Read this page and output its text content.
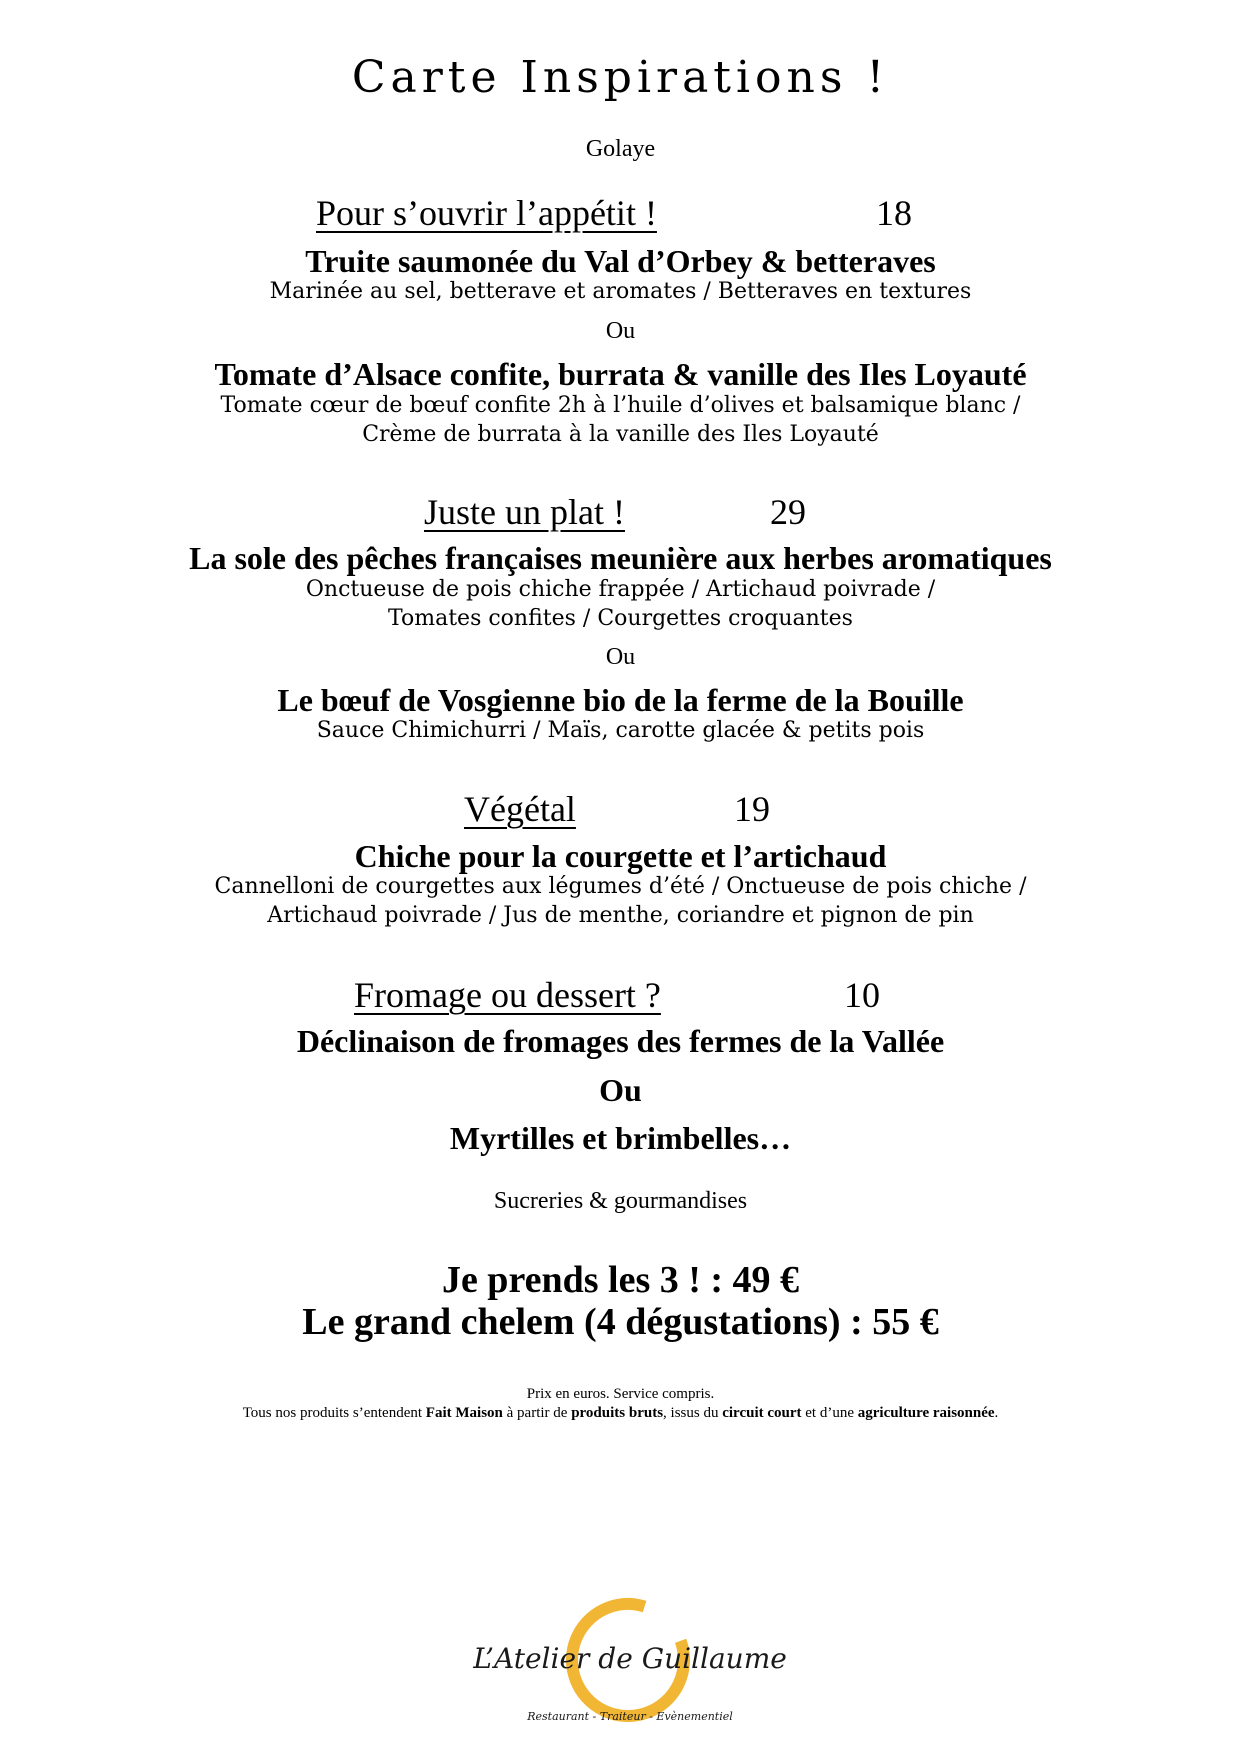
Carte Inspirations !
Golaye
Pour s’ouvrir l’appétit !	18
Truite saumonée du Val d’Orbey & betteraves
Marinée au sel, betterave et aromates / Betteraves en textures
Ou
Tomate d’Alsace confite, burrata & vanille des Iles Loyauté
Tomate cœur de bœuf confite 2h à l’huile d’olives et balsamique blanc /
Crème de burrata à la vanille des Iles Loyauté
Juste un plat !	29
La sole des pêches françaises meunière aux herbes aromatiques
Onctueuse de pois chiche frappée / Artichaud poivrade /
Tomates confites / Courgettes croquantes
Ou
Le bœuf de Vosgienne bio de la ferme de la Bouille
Sauce Chimichurri / Maïs, carotte glacée & petits pois
Végétal	19
Chiche pour la courgette et l’artichaud
Cannelloni de courgettes aux légumes d’été / Onctueuse de pois chiche /
Artichaud poivrade / Jus de menthe, coriandre et pignon de pin
Fromage ou dessert ?	10
Déclinaison de fromages des fermes de la Vallée
Ou
Myrtilles et brimbelles…
Sucreries & gourmandises
Je prends les 3 ! : 49 €
Le grand chelem (4 dégustations) : 55 €
Prix en euros. Service compris.
Tous nos produits s’entendent Fait Maison à partir de produits bruts, issus du circuit court et d’une agriculture raisonnée.
L’Atelier de Guillaume
Restaurant - Traiteur - Evènementiel
